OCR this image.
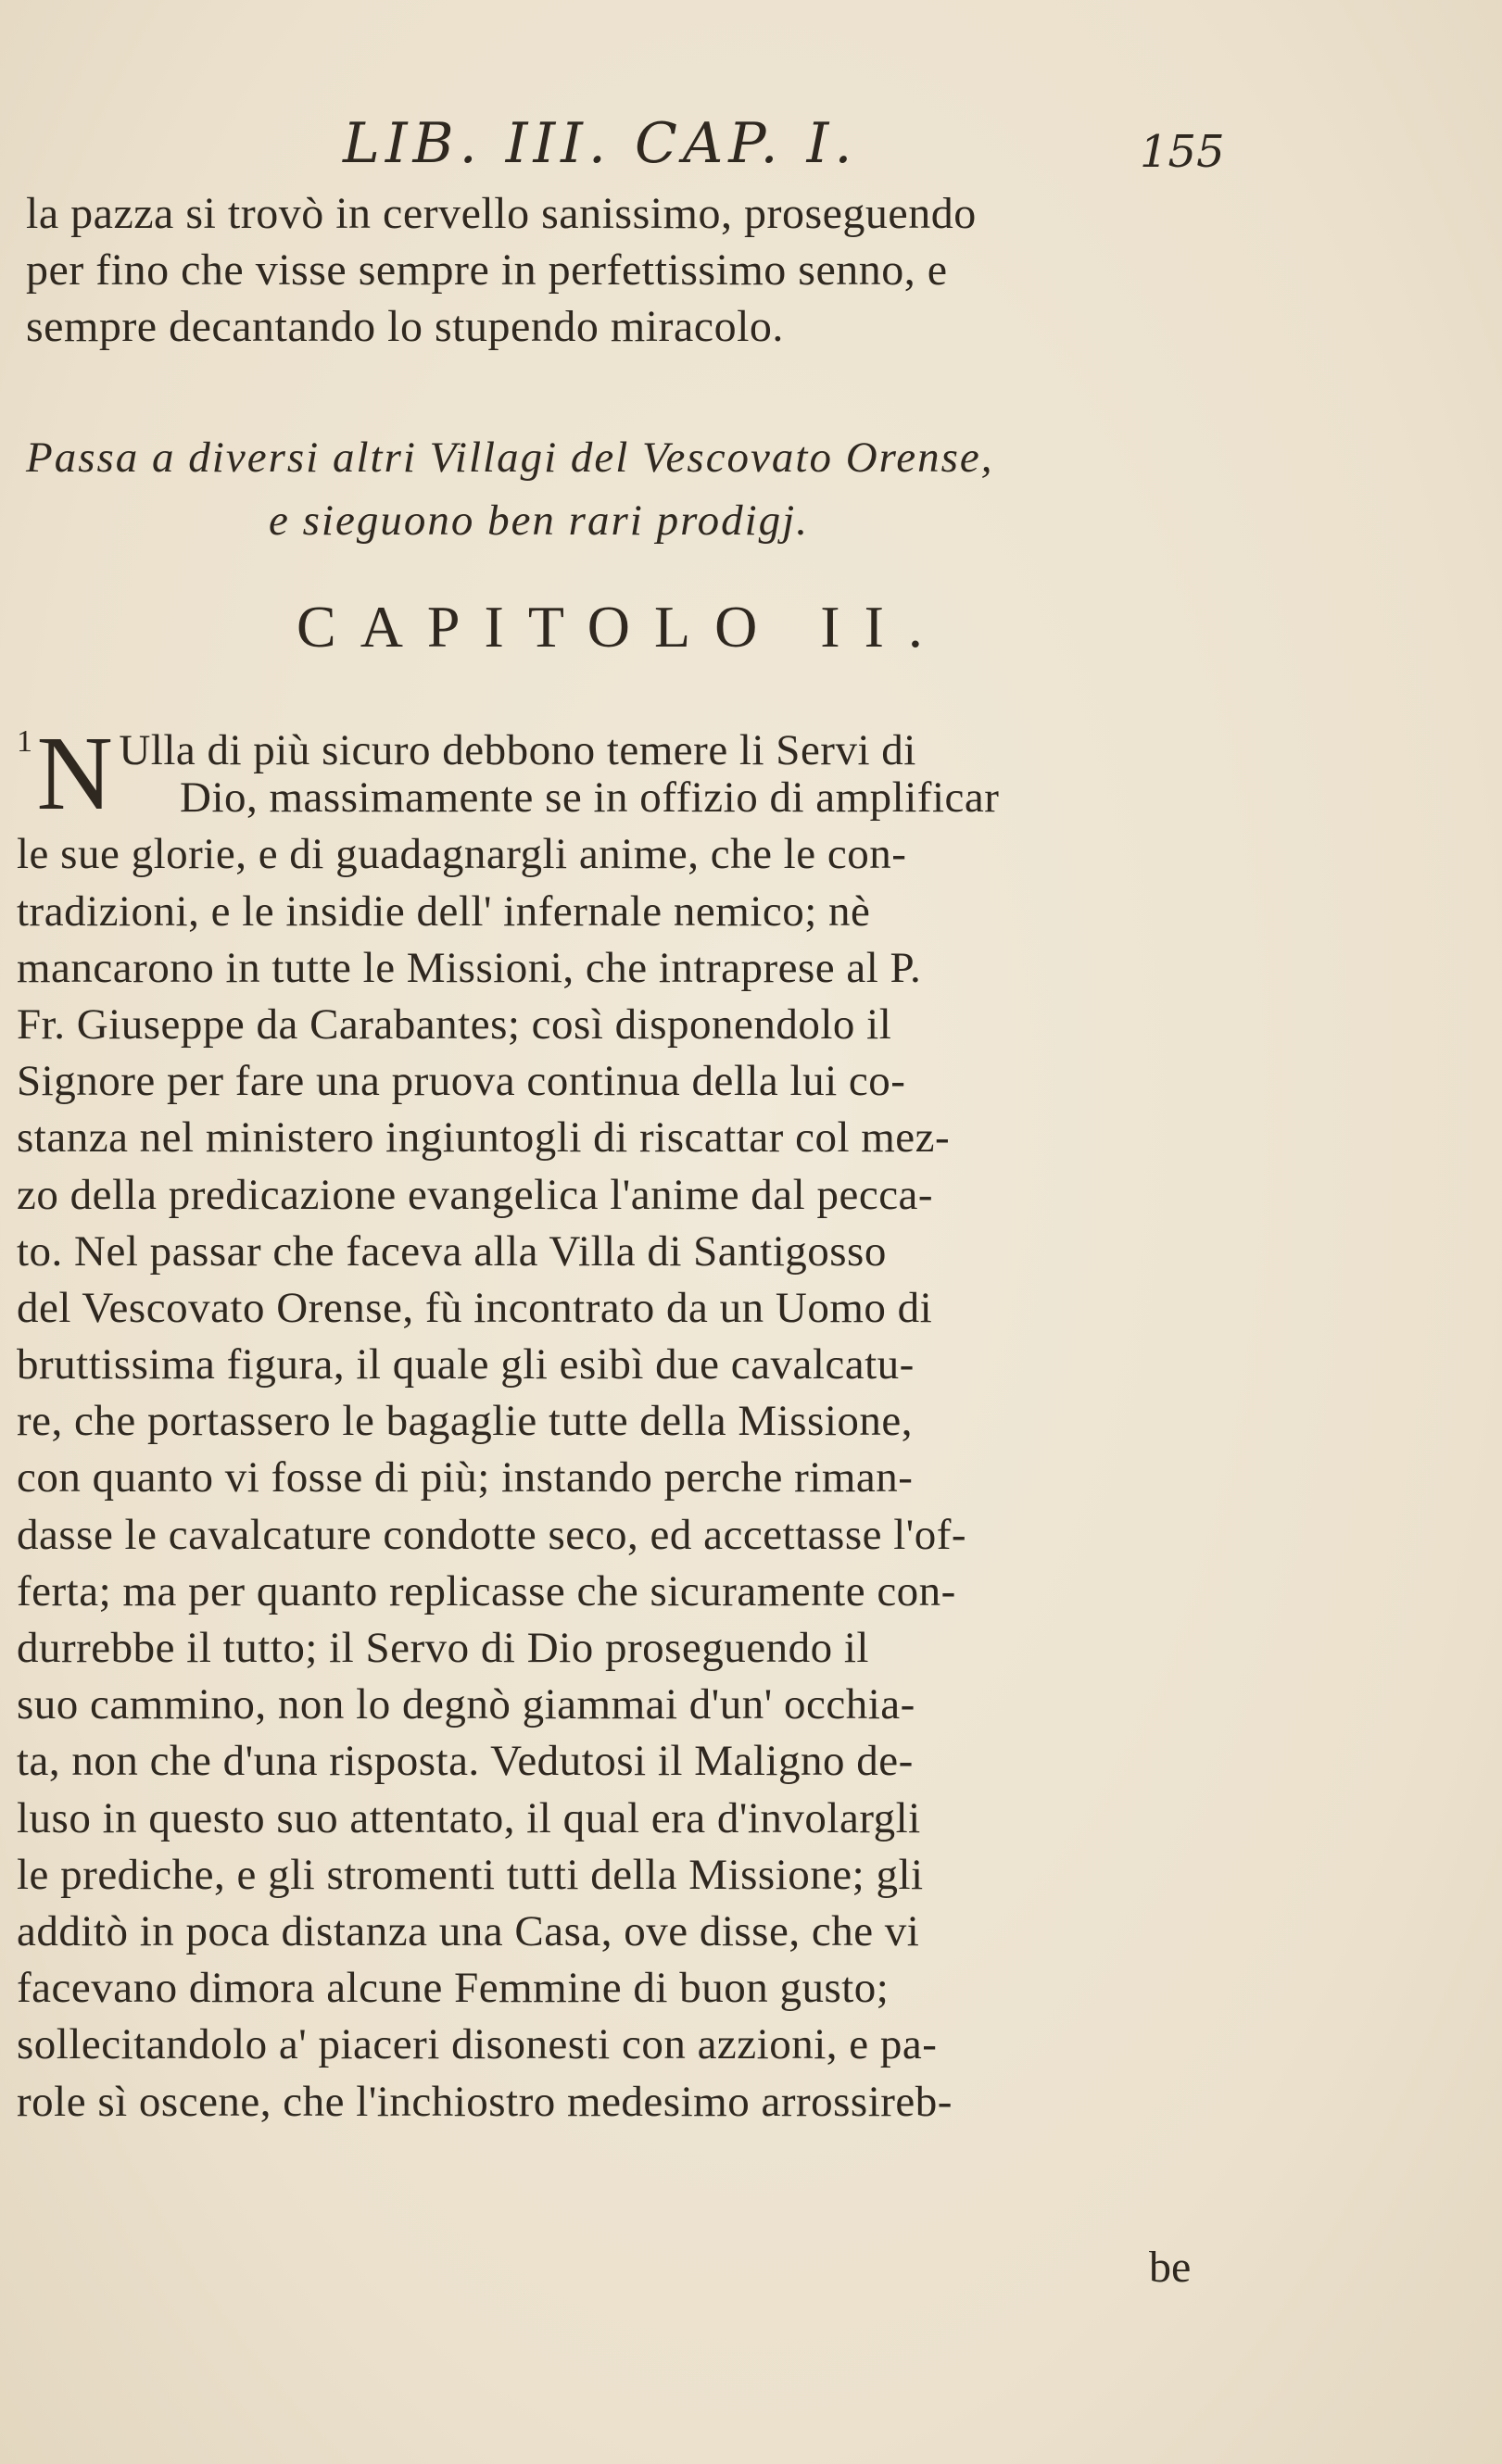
LIB. III. CAP. I.	155
la pazza si trovò in cervello sanissimo, proseguendo
per fino che visse sempre in perfettissimo senno, e
sempre decantando lo stupendo miracolo.
Passa a diversi altri Villagi del Vescovato Orense,
e sieguono ben rari prodigj.
CAPITOLO II.
$^1$N Ulla di più sicuro debbono temere li Servi di
Dio, massimamente se in offizio di amplificar
le sue glorie, e di guadagnargli anime, che le con-
tradizioni, e le insidie dell' infernale nemico; nè
mancarono in tutte le Missioni, che intraprese al P.
Fr. Giuseppe da Carabantes; così disponendolo il
Signore per fare una pruova continua della lui co-
stanza nel ministero ingiuntogli di riscattar col mez-
zo della predicazione evangelica l'anime dal pecca-
to. Nel passar che faceva alla Villa di Santigosso
del Vescovato Orense, fù incontrato da un Uomo di
bruttissima figura, il quale gli esibì due cavalcatu-
re, che portassero le bagaglie tutte della Missione,
con quanto vi fosse di più; instando perche riman-
dasse le cavalcature condotte seco, ed accettasse l'of-
ferta; ma per quanto replicasse che sicuramente con-
durrebbe il tutto; il Servo di Dio proseguendo il
suo cammino, non lo degnò giammai d'un' occhia-
ta, non che d'una risposta. Vedutosi il Maligno de-
luso in questo suo attentato, il qual era d'involargli
le prediche, e gli stromenti tutti della Missione; gli
additò in poca distanza una Casa, ove disse, che vi
facevano dimora alcune Femmine di buon gusto;
sollecitandolo a' piaceri disonesti con azzioni, e pa-
role sì oscene, che l'inchiostro medesimo arrossireb-
be
